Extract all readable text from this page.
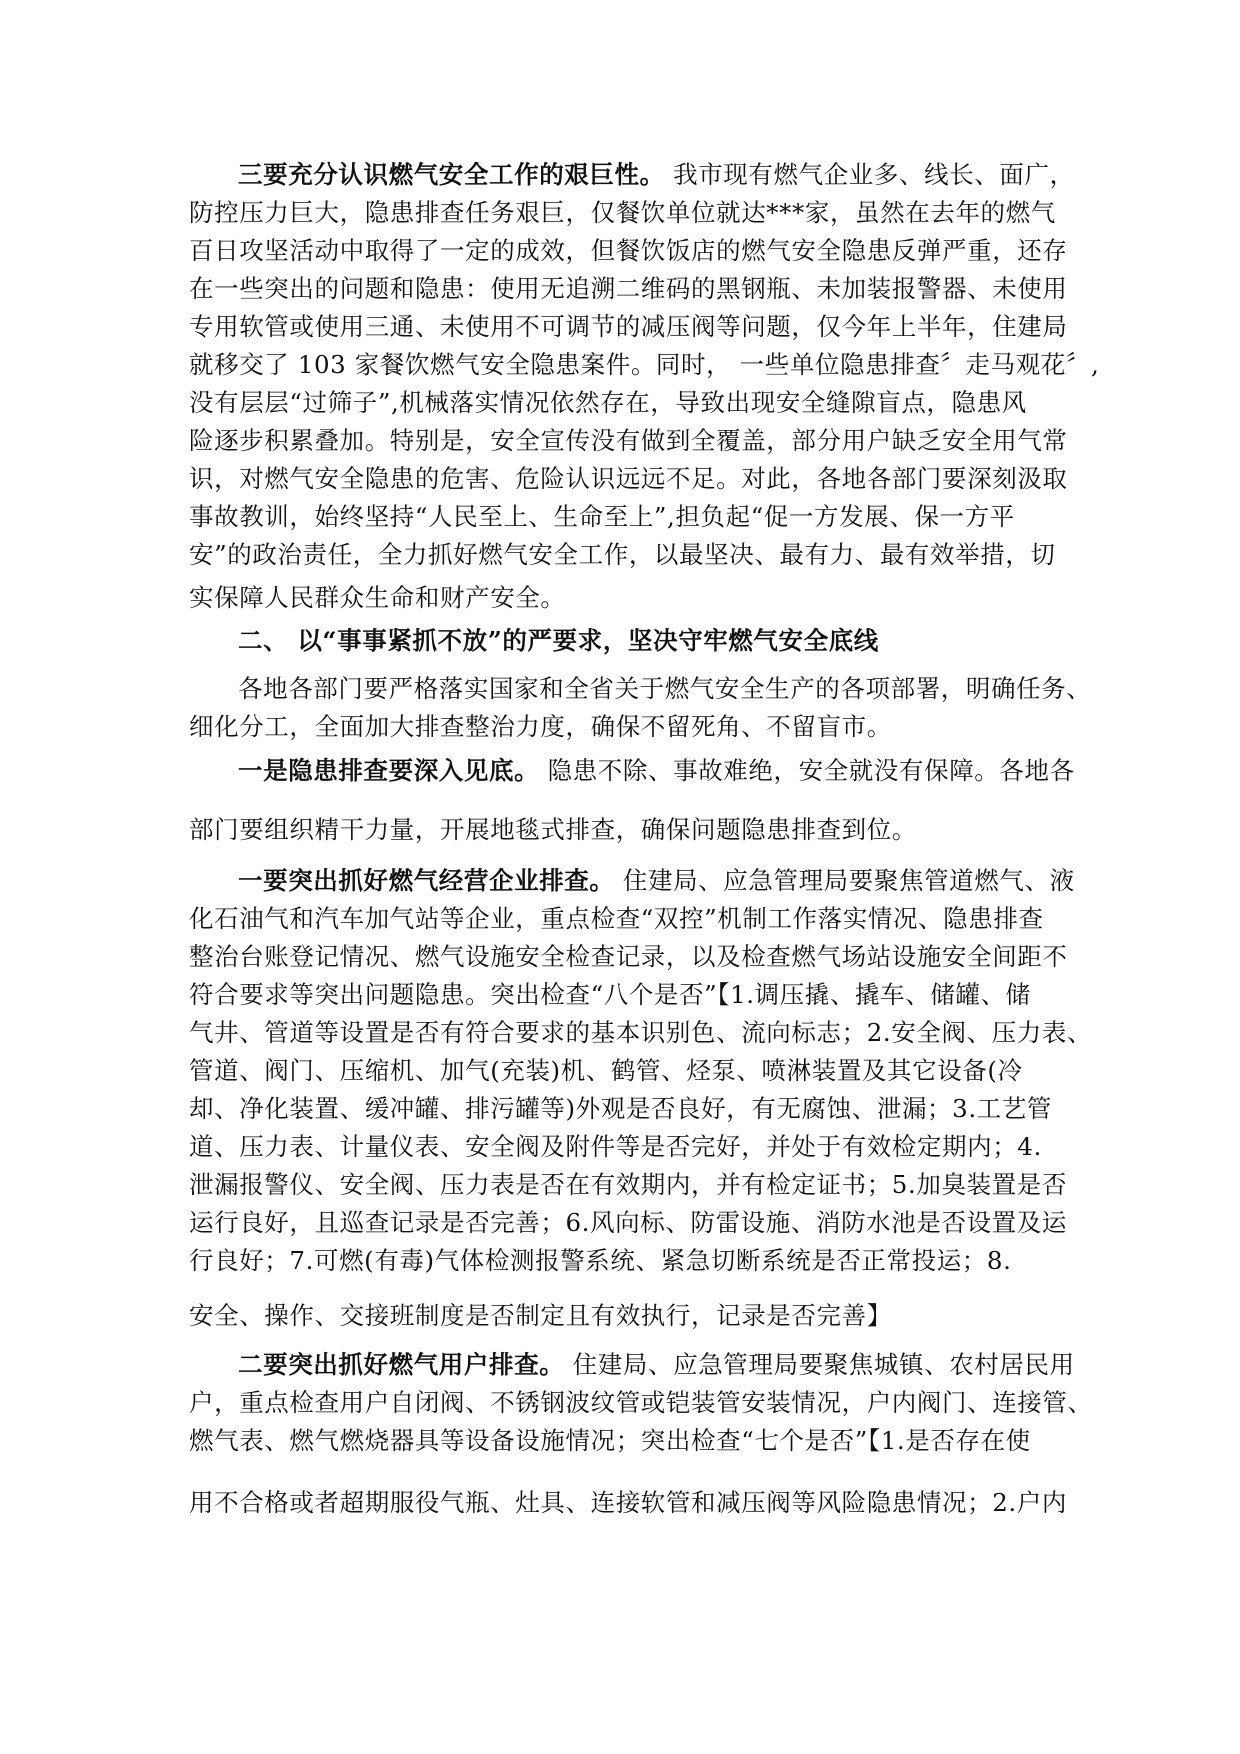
三要充分认识燃气安全工作的艰巨性。 我市现有燃气企业多、线长、面广，
防控压力巨大，隐患排查任务艰巨，仅餐饮单位就达***家，虽然在去年的燃气
百日攻坚活动中取得了一定的成效，但餐饮饭店的燃气安全隐患反弹严重，还存
在一些突出的问题和隐患：使用无追溯二维码的黑钢瓶、未加装报警器、未使用
专用软管或使用三通、未使用不可调节的减压阀等问题，仅今年上半年，住建局
就移交了 103 家餐饮燃气安全隐患案件。同时， 一些单位隐患排查〞走马观花〞,
没有层层“过筛子”,机械落实情况依然存在，导致出现安全缝隙盲点，隐患风
险逐步积累叠加。特别是，安全宣传没有做到全覆盖，部分用户缺乏安全用气常
识，对燃气安全隐患的危害、危险认识远远不足。对此，各地各部门要深刻汲取
事故教训，始终坚持“人民至上、生命至上”,担负起“促一方发展、保一方平
安”的政治责任，全力抓好燃气安全工作，以最坚决、最有力、最有效举措，切
实保障人民群众生命和财产安全。
二、 以“事事紧抓不放”的严要求，坚决守牢燃气安全底线
各地各部门要严格落实国家和全省关于燃气安全生产的各项部署，明确任务、
细化分工，全面加大排查整治力度，确保不留死角、不留盲市。
一是隐患排查要深入见底。 隐患不除、事故难绝，安全就没有保障。各地各
部门要组织精干力量，开展地毯式排查，确保问题隐患排查到位。
一要突出抓好燃气经营企业排查。 住建局、应急管理局要聚焦管道燃气、液
化石油气和汽车加气站等企业，重点检查“双控”机制工作落实情况、隐患排查
整治台账登记情况、燃气设施安全检查记录，以及检查燃气场站设施安全间距不
符合要求等突出问题隐患。突出检查“八个是否”【1.调压撬、撬车、储罐、储
气井、管道等设置是否有符合要求的基本识别色、流向标志；2.安全阀、压力表、
管道、阀门、压缩机、加气(充装)机、鹤管、烃泵、喷淋装置及其它设备(冷
却、净化装置、缓冲罐、排污罐等)外观是否良好，有无腐蚀、泄漏；3.工艺管
道、压力表、计量仪表、安全阀及附件等是否完好，并处于有效检定期内；4.
泄漏报警仪、安全阀、压力表是否在有效期内，并有检定证书；5.加臭装置是否
运行良好，且巡查记录是否完善；6.风向标、防雷设施、消防水池是否设置及运
行良好；7.可燃(有毒)气体检测报警系统、紧急切断系统是否正常投运；8.
安全、操作、交接班制度是否制定且有效执行，记录是否完善】
二要突出抓好燃气用户排查。 住建局、应急管理局要聚焦城镇、农村居民用
户，重点检查用户自闭阀、不锈钢波纹管或铠装管安装情况，户内阀门、连接管、
燃气表、燃气燃烧器具等设备设施情况；突出检查“七个是否”【1.是否存在使
用不合格或者超期服役气瓶、灶具、连接软管和减压阀等风险隐患情况；2.户内
